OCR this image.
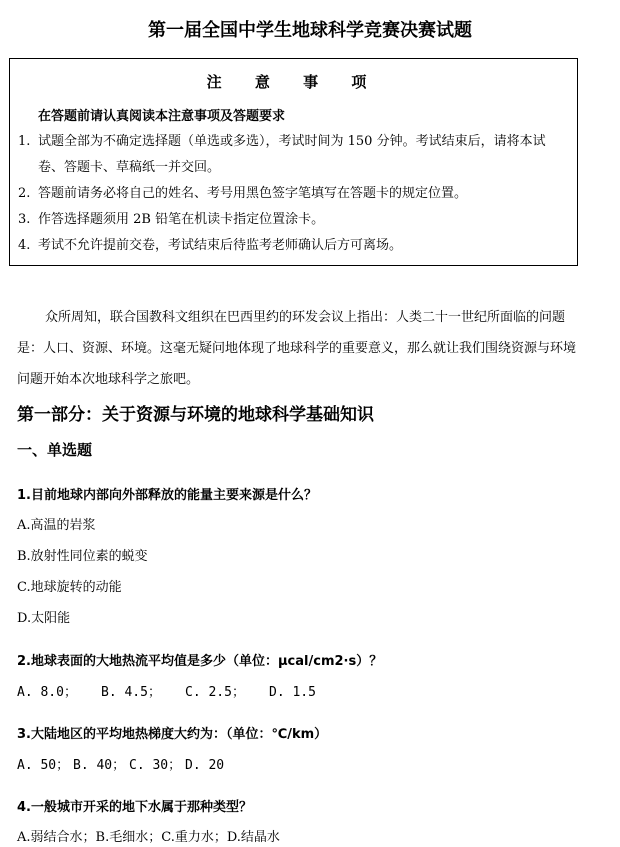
第一届全国中学生地球科学竞赛决赛试题
注 意 事 项
在答题前请认真阅读本注意事项及答题要求
1. 试题全部为不确定选择题（单选或多选），考试时间为 150 分钟。考试结束后，请将本试卷、答题卡、草稿纸一并交回。
2. 答题前请务必将自己的姓名、考号用黑色签字笔填写在答题卡的规定位置。
3. 作答选择题须用 2B 铅笔在机读卡指定位置涂卡。
4. 考试不允许提前交卷，考试结束后待监考老师确认后方可离场。

众所周知，联合国教科文组织在巴西里约的环发会议上指出：人类二十一世纪所面临的问题是：人口、资源、环境。这毫无疑问地体现了地球科学的重要意义，那么就让我们围绕资源与环境问题开始本次地球科学之旅吧。

第一部分：关于资源与环境的地球科学基础知识
一、单选题
1.目前地球内部向外部释放的能量主要来源是什么？
A.高温的岩浆
B.放射性同位素的蜕变
C.地球旋转的动能
D.太阳能
2.地球表面的大地热流平均值是多少（单位：μcal/cm2·s）？
A. 8.0； B. 4.5； C. 2.5； D. 1.5
3.大陆地区的平均地热梯度大约为：（单位：℃/km）
A. 50； B. 40； C. 30； D. 20
4.一般城市开采的地下水属于那种类型？
A.弱结合水；B.毛细水；C.重力水；D.结晶水
